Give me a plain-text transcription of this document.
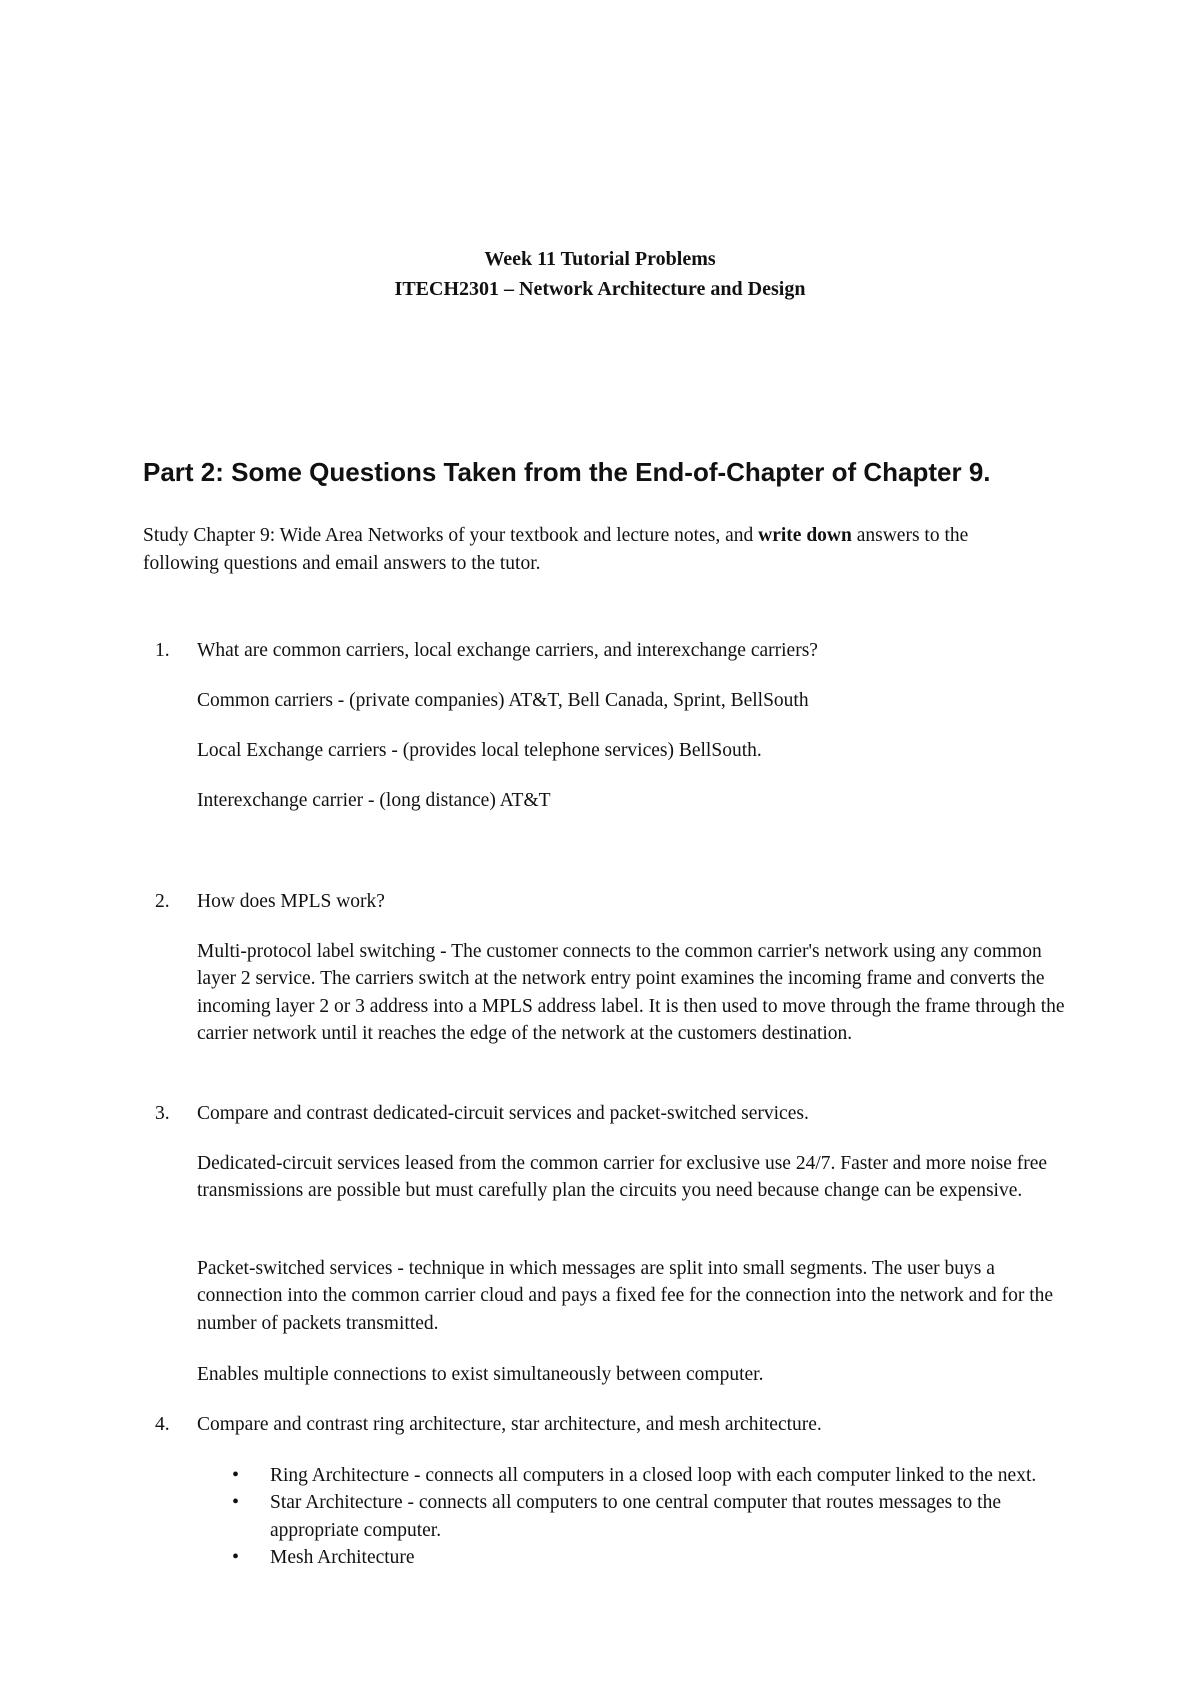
Week 11 Tutorial Problems
ITECH2301 – Network Architecture and Design
Part 2: Some Questions Taken from the End-of-Chapter of Chapter 9.
Study Chapter 9: Wide Area Networks of your textbook and lecture notes, and write down answers to the following questions and email answers to the tutor.
1.	What are common carriers, local exchange carriers, and interexchange carriers?
Common carriers - (private companies) AT&T, Bell Canada, Sprint, BellSouth
Local Exchange carriers - (provides local telephone services) BellSouth.
Interexchange carrier - (long distance) AT&T
2.	How does MPLS work?
Multi-protocol label switching - The customer connects to the common carrier's network using any common layer 2 service. The carriers switch at the network entry point examines the incoming frame and converts the incoming layer 2 or 3 address into a MPLS address label. It is then used to move through the frame through the carrier network until it reaches the edge of the network at the customers destination.
3.	Compare and contrast dedicated-circuit services and packet-switched services.
Dedicated-circuit services leased from the common carrier for exclusive use 24/7. Faster and more noise free transmissions are possible but must carefully plan the circuits you need because change can be expensive.
Packet-switched services - technique in which messages are split into small segments. The user buys a connection into the common carrier cloud and pays a fixed fee for the connection into the network and for the number of packets transmitted.
Enables multiple connections to exist simultaneously between computer.
4.	Compare and contrast ring architecture, star architecture, and mesh architecture.
• Ring Architecture - connects all computers in a closed loop with each computer linked to the next.
• Star Architecture - connects all computers to one central computer that routes messages to the appropriate computer.
• Mesh Architecture
